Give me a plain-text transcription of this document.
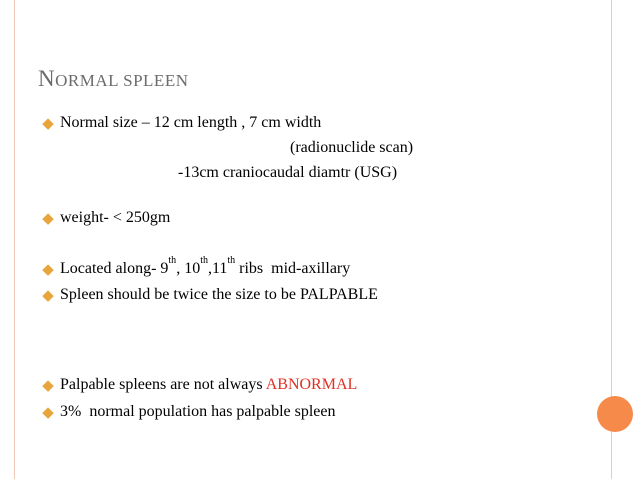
NORMAL SPLEEN
◆ Normal size – 12 cm length , 7 cm width
(radionuclide scan)
-13cm craniocaudal diamtr (USG)
◆ weight- < 250gm
◆ Located along- 9th, 10th,11th ribs  mid-axillary
◆ Spleen should be twice the size to be PALPABLE
◆ Palpable spleens are not always ABNORMAL
◆ 3%  normal population has palpable spleen
